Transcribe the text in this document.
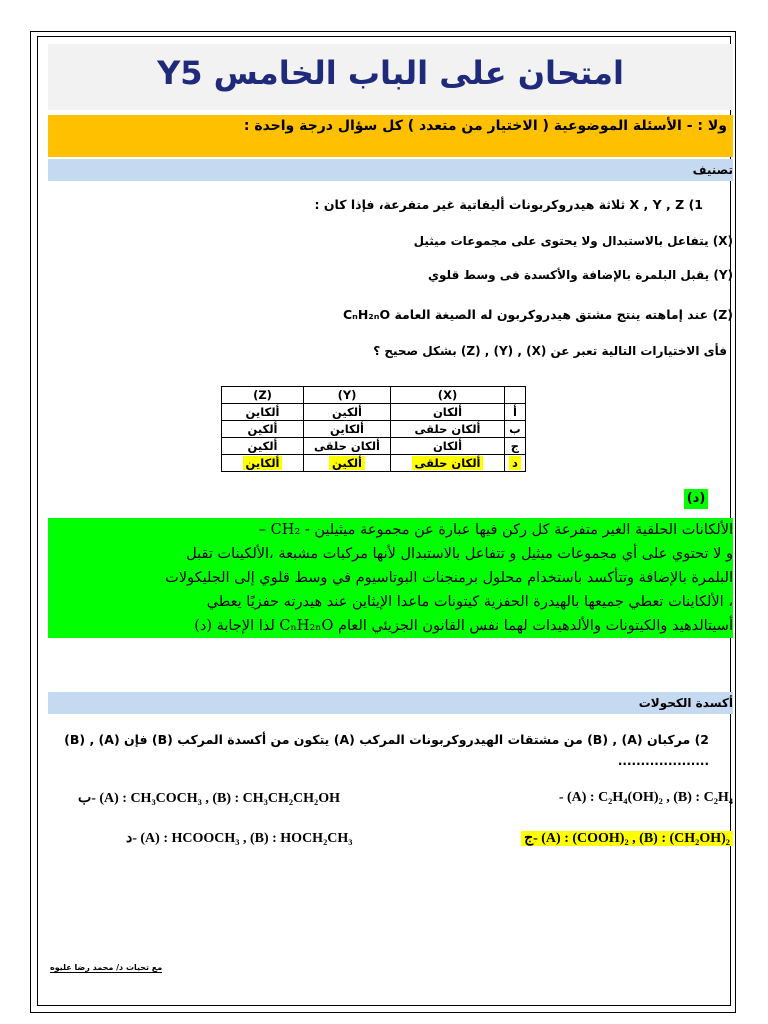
امتحان على الباب الخامس Y5
ولا : - الأسئلة الموضوعية ( الاختيار من متعدد ) كل سؤال درجة واحدة :
تصنيف
1) X , Y , Z ثلاثة هيدروكربونات أليفاتية غير متفرعة، فإذا كان :
(X) يتفاعل بالاستبدال ولا يحتوى على مجموعات ميثيل
(Y) يقبل البلمرة بالإضافة والأكسدة فى وسط قلوي
(Z) عند إماهته ينتج مشتق هيدروكربون له الصيغة العامة CₙH₂ₙO
فأى الاختيارات التالية تعبر عن (X) , (Y) , (Z) بشكل صحيح ؟
	(X)	(Y)	(Z)
أ	ألكان	ألكين	ألكاين
ب	ألكان حلقى	ألكاين	ألكين
ج	ألكان	ألكان حلقى	ألكين
د	ألكان حلقى	ألكين	ألكاين
(د)
الألكانات الحلقية الغير متفرعة كل ركن فيها عبارة عن مجموعة ميثيلين - CH₂ –
و لا تحتوي على أي مجموعات ميثيل و تتفاعل بالاستبدال لأنها مركبات مشبعة ،الألكينات تقبل
البلمرة بالإضافة وتتأكسد باستخدام محلول برمنجنات البوتاسيوم في وسط قلوي إلى الجليكولات
، الألكاينات تعطي جميعها بالهيدرة الحفزية كيتونات ماعدا الإيثاين عند هيدرته حفزيًا يعطي
أسيتالدهيد والكيتونات والألدهيدات لهما نفس القانون الجزيئي العام CₙH₂ₙO لذا الإجابة (د)
أكسدة الكحولات
2) مركبان (A) , (B) من مشتقات الهيدروكربونات المركب (A) يتكون من أكسدة المركب (B) فإن (A) , (B)
....................
- (A) : C₂H₄(OH)₂ , (B) : C₂H₄
ب- (A) : CH₃COCH₃ , (B) : CH₃CH₂CH₂OH
ج- (A) : (COOH)₂ , (B) : (CH₂OH)₂
د- (A) : HCOOCH₃ , (B) : HOCH₂CH₃
مع تحيات د/ محمد رضا عليوه
